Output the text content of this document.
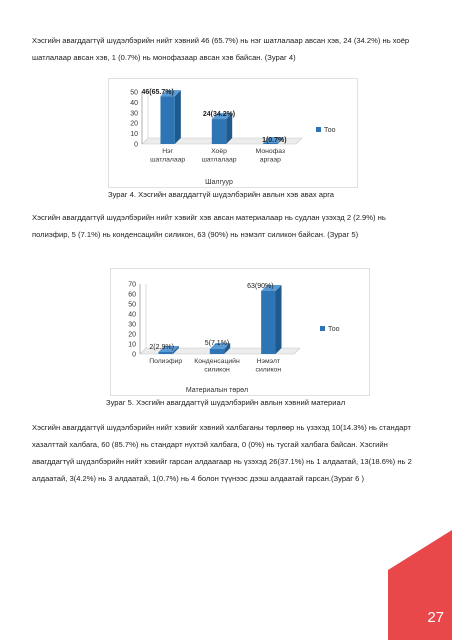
Хэсгийн авагддагтүй шүдэлбэрийн нийт хэвний 46 (65.7%) нь нэг шатлалаар авсан хэв, 24 (34.2%) нь хоёр шатлалаар авсан хэв, 1 (0.7%) нь монофазаар авсан хэв байсан. (Зураг 4)

0
10
20
30
40
50 46(65.7%)
Нэг
шатлалаар
24(34.2%)
Хоёр
шатлалаар
1(0.7%)
Монофаз
аргаар
Шалгуур
Тоо

Зураг 4. Хэсгийн авагддагтүй шүдэлбэрийн авлын хэв авах арга

Хэсгийн авагддагтүй шүдэлбэрийн нийт хэвийг хэв авсан материалаар нь судлан үзэхэд 2 (2.9%) нь полиэфир, 5 (7.1%) нь конденсацийн силикон, 63 (90%) нь нэмэлт силикон байсан. (Зураг 5)

0
10
20
30
40
50
60
70
2(2.9%)
Полиэфир
5(7.1%)
Конденсацийн
силикон
63(90%)
Нэмэлт
силикон
Материалын төрөл
Тоо

Зураг 5. Хэсгийн авагддагтүй шүдэлбэрийн авлын хэвний материал

Хэсгийн авагддагтүй шүдэлбэрийн нийт хэвийг хэвний халбаганы төрлөөр нь үзэхэд 10(14.3%) нь стандарт хазалттай халбага, 60 (85.7%) нь стандарт нүхтэй халбага, 0 (0%) нь тусгай халбага байсан. Хэсгийн авагддагтүй шүдэлбэрийн нийт хэвийг гарсан алдаагаар нь үзэхэд 26(37.1%) нь 1 алдаатай, 13(18.6%) нь 2 алдаатай, 3(4.2%) нь 3 алдаатай, 1(0.7%) нь 4 болон түүнээс дээш алдаатай гарсан.(Зураг 6 )

27
